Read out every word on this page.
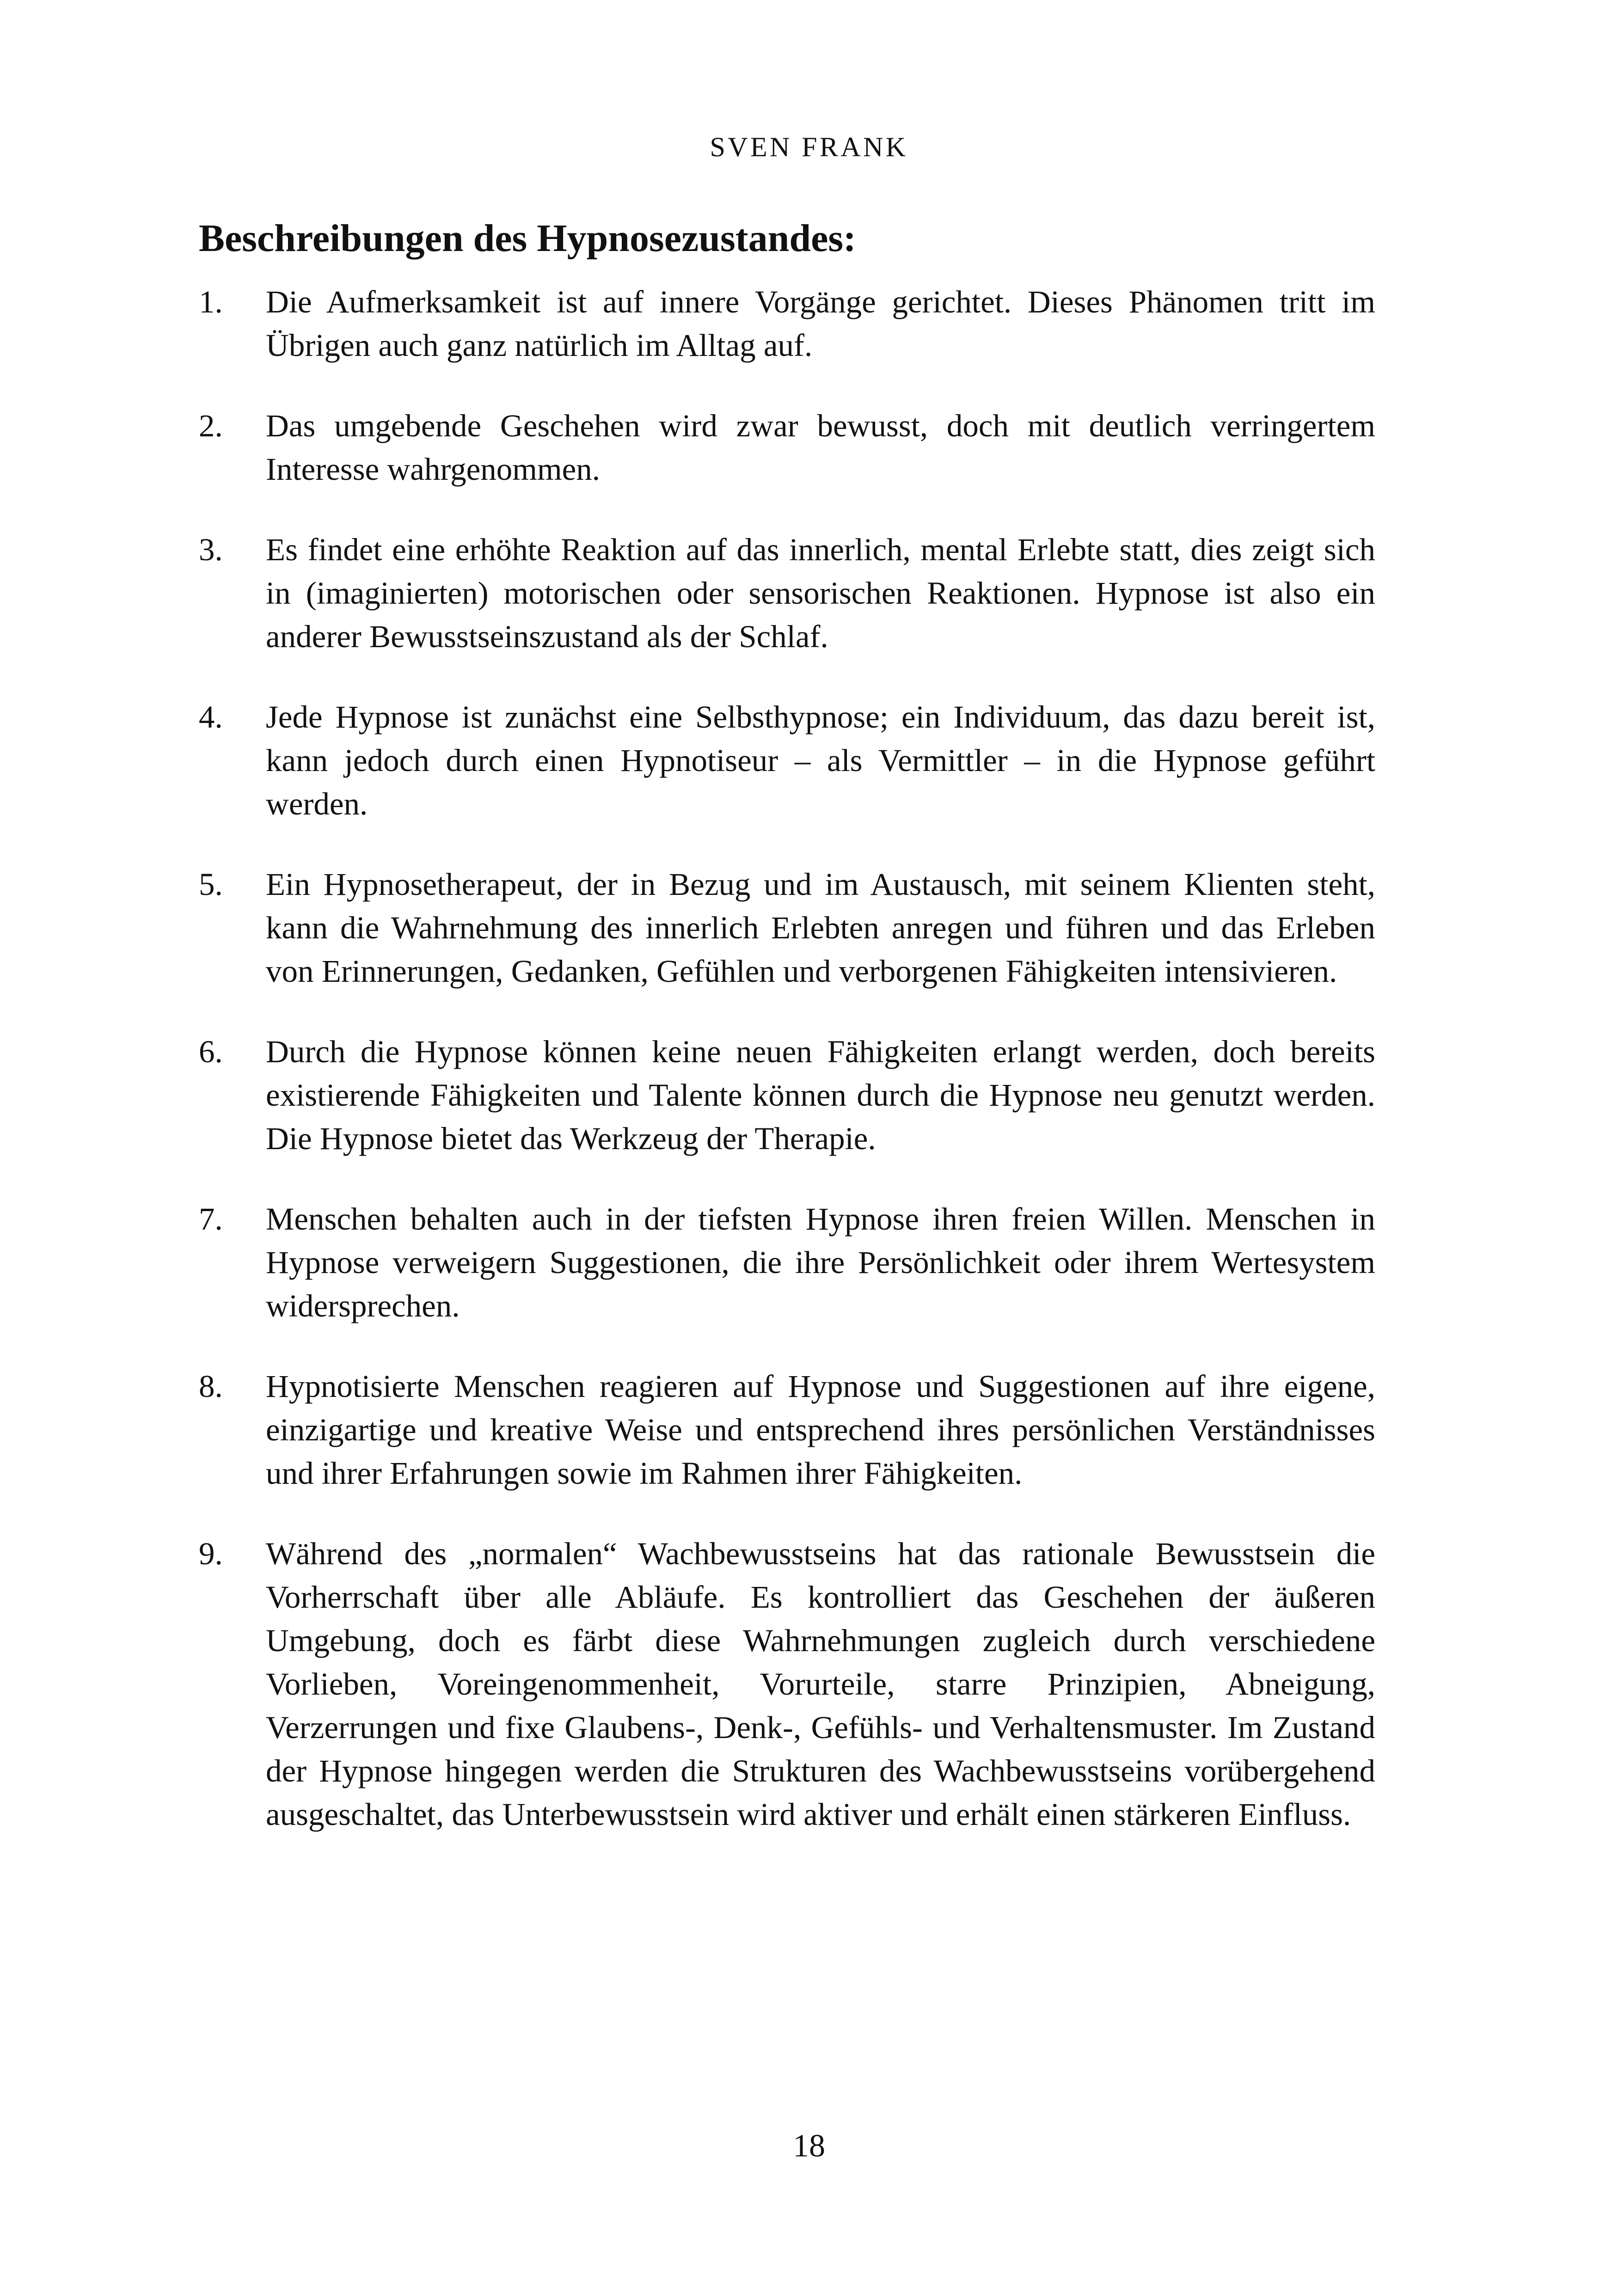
SVEN FRANK
Beschreibungen des Hypnosezustandes:
1.	Die Aufmerksamkeit ist auf innere Vorgänge gerichtet. Dieses Phänomen tritt im Übrigen auch ganz natürlich im Alltag auf.
2.	Das umgebende Geschehen wird zwar bewusst, doch mit deutlich verringertem Interesse wahrgenommen.
3.	Es findet eine erhöhte Reaktion auf das innerlich, mental Erlebte statt, dies zeigt sich in (imaginierten) motorischen oder sensorischen Reaktionen. Hypnose ist also ein anderer Bewusstseinszustand als der Schlaf.
4.	Jede Hypnose ist zunächst eine Selbsthypnose; ein Individuum, das dazu bereit ist, kann jedoch durch einen Hypnotiseur – als Vermittler – in die Hypnose geführt werden.
5.	Ein Hypnosetherapeut, der in Bezug und im Austausch, mit seinem Klienten steht, kann die Wahrnehmung des innerlich Erlebten anregen und führen und das Erleben von Erinnerungen, Gedanken, Gefühlen und verborgenen Fähigkeiten intensivieren.
6.	Durch die Hypnose können keine neuen Fähigkeiten erlangt werden, doch bereits existierende Fähigkeiten und Talente können durch die Hypnose neu genutzt werden. Die Hypnose bietet das Werkzeug der Therapie.
7.	Menschen behalten auch in der tiefsten Hypnose ihren freien Willen. Menschen in Hypnose verweigern Suggestionen, die ihre Persönlichkeit oder ihrem Wertesystem widersprechen.
8.	Hypnotisierte Menschen reagieren auf Hypnose und Suggestionen auf ihre eigene, einzigartige und kreative Weise und entsprechend ihres persönlichen Verständnisses und ihrer Erfahrungen sowie im Rahmen ihrer Fähigkeiten.
9.	Während des „normalen“ Wachbewusstseins hat das rationale Bewusstsein die Vorherrschaft über alle Abläufe. Es kontrolliert das Geschehen der äußeren Umgebung, doch es färbt diese Wahrnehmungen zugleich durch verschiedene Vorlieben, Voreingenommenheit, Vorurteile, starre Prinzipien, Abneigung, Verzerrungen und fixe Glaubens-, Denk-, Gefühls- und Verhaltensmuster. Im Zustand der Hypnose hingegen werden die Strukturen des Wachbewusstseins vorübergehend ausgeschaltet, das Unterbewusstsein wird aktiver und erhält einen stärkeren Einfluss.
18
